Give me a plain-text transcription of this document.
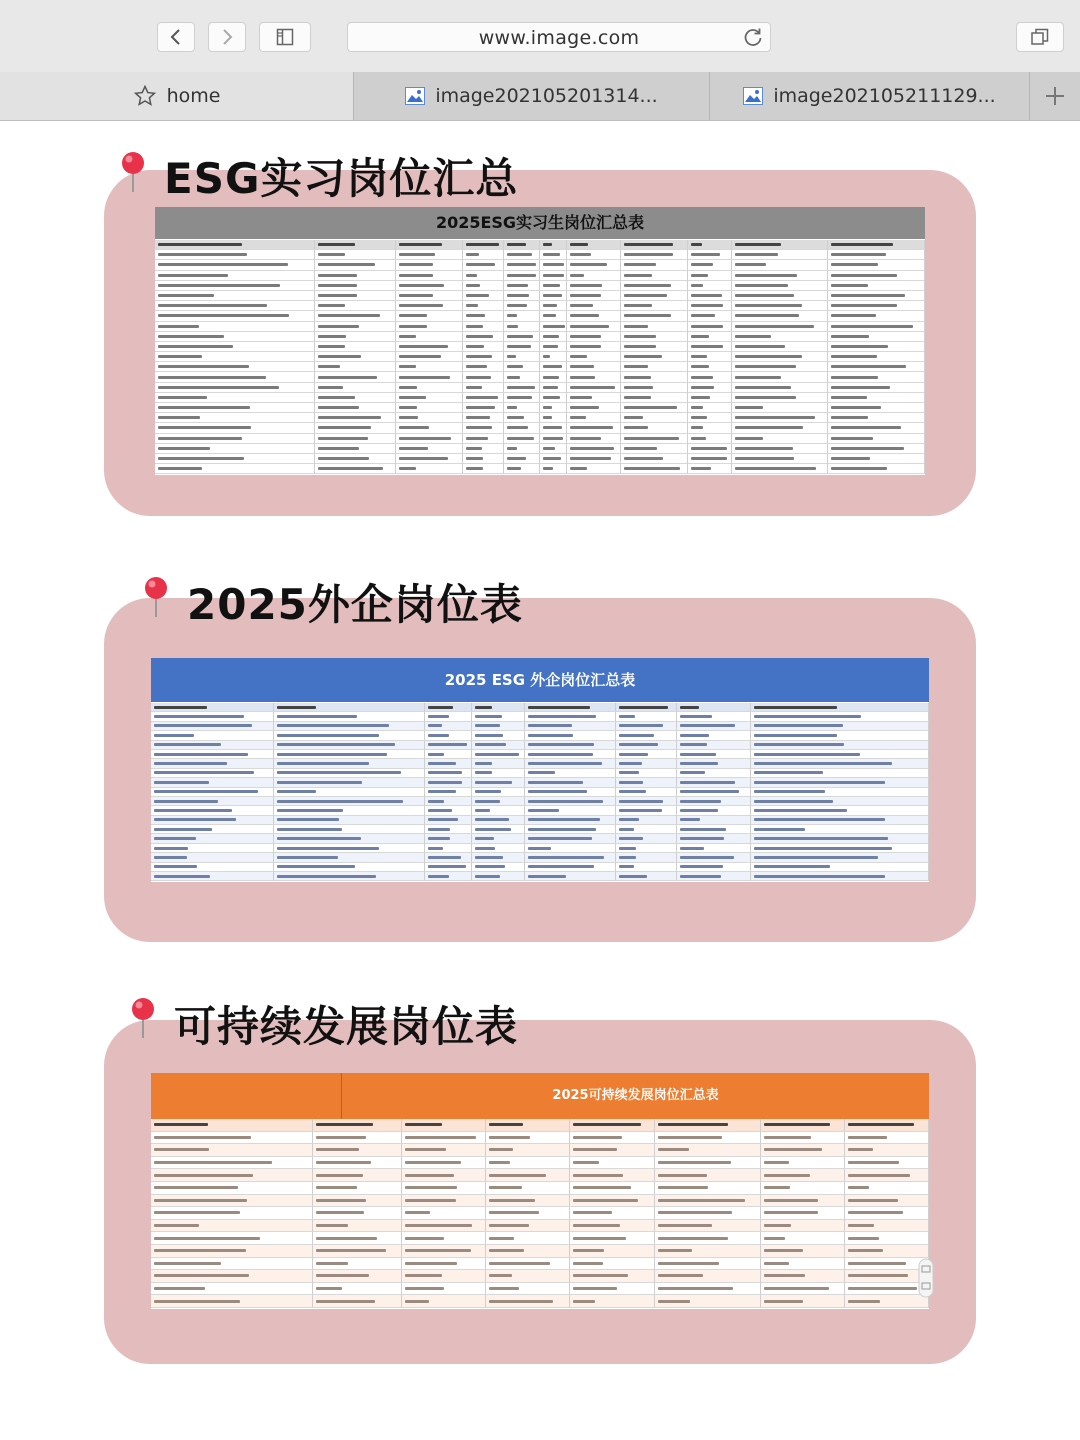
www.image.com
home	image202105201314...	image202105211129...
ESG实习岗位汇总
2025ESG实习生岗位汇总表
2025外企岗位表
2025 ESG 外企岗位汇总表
可持续发展岗位表
2025可持续发展岗位汇总表
